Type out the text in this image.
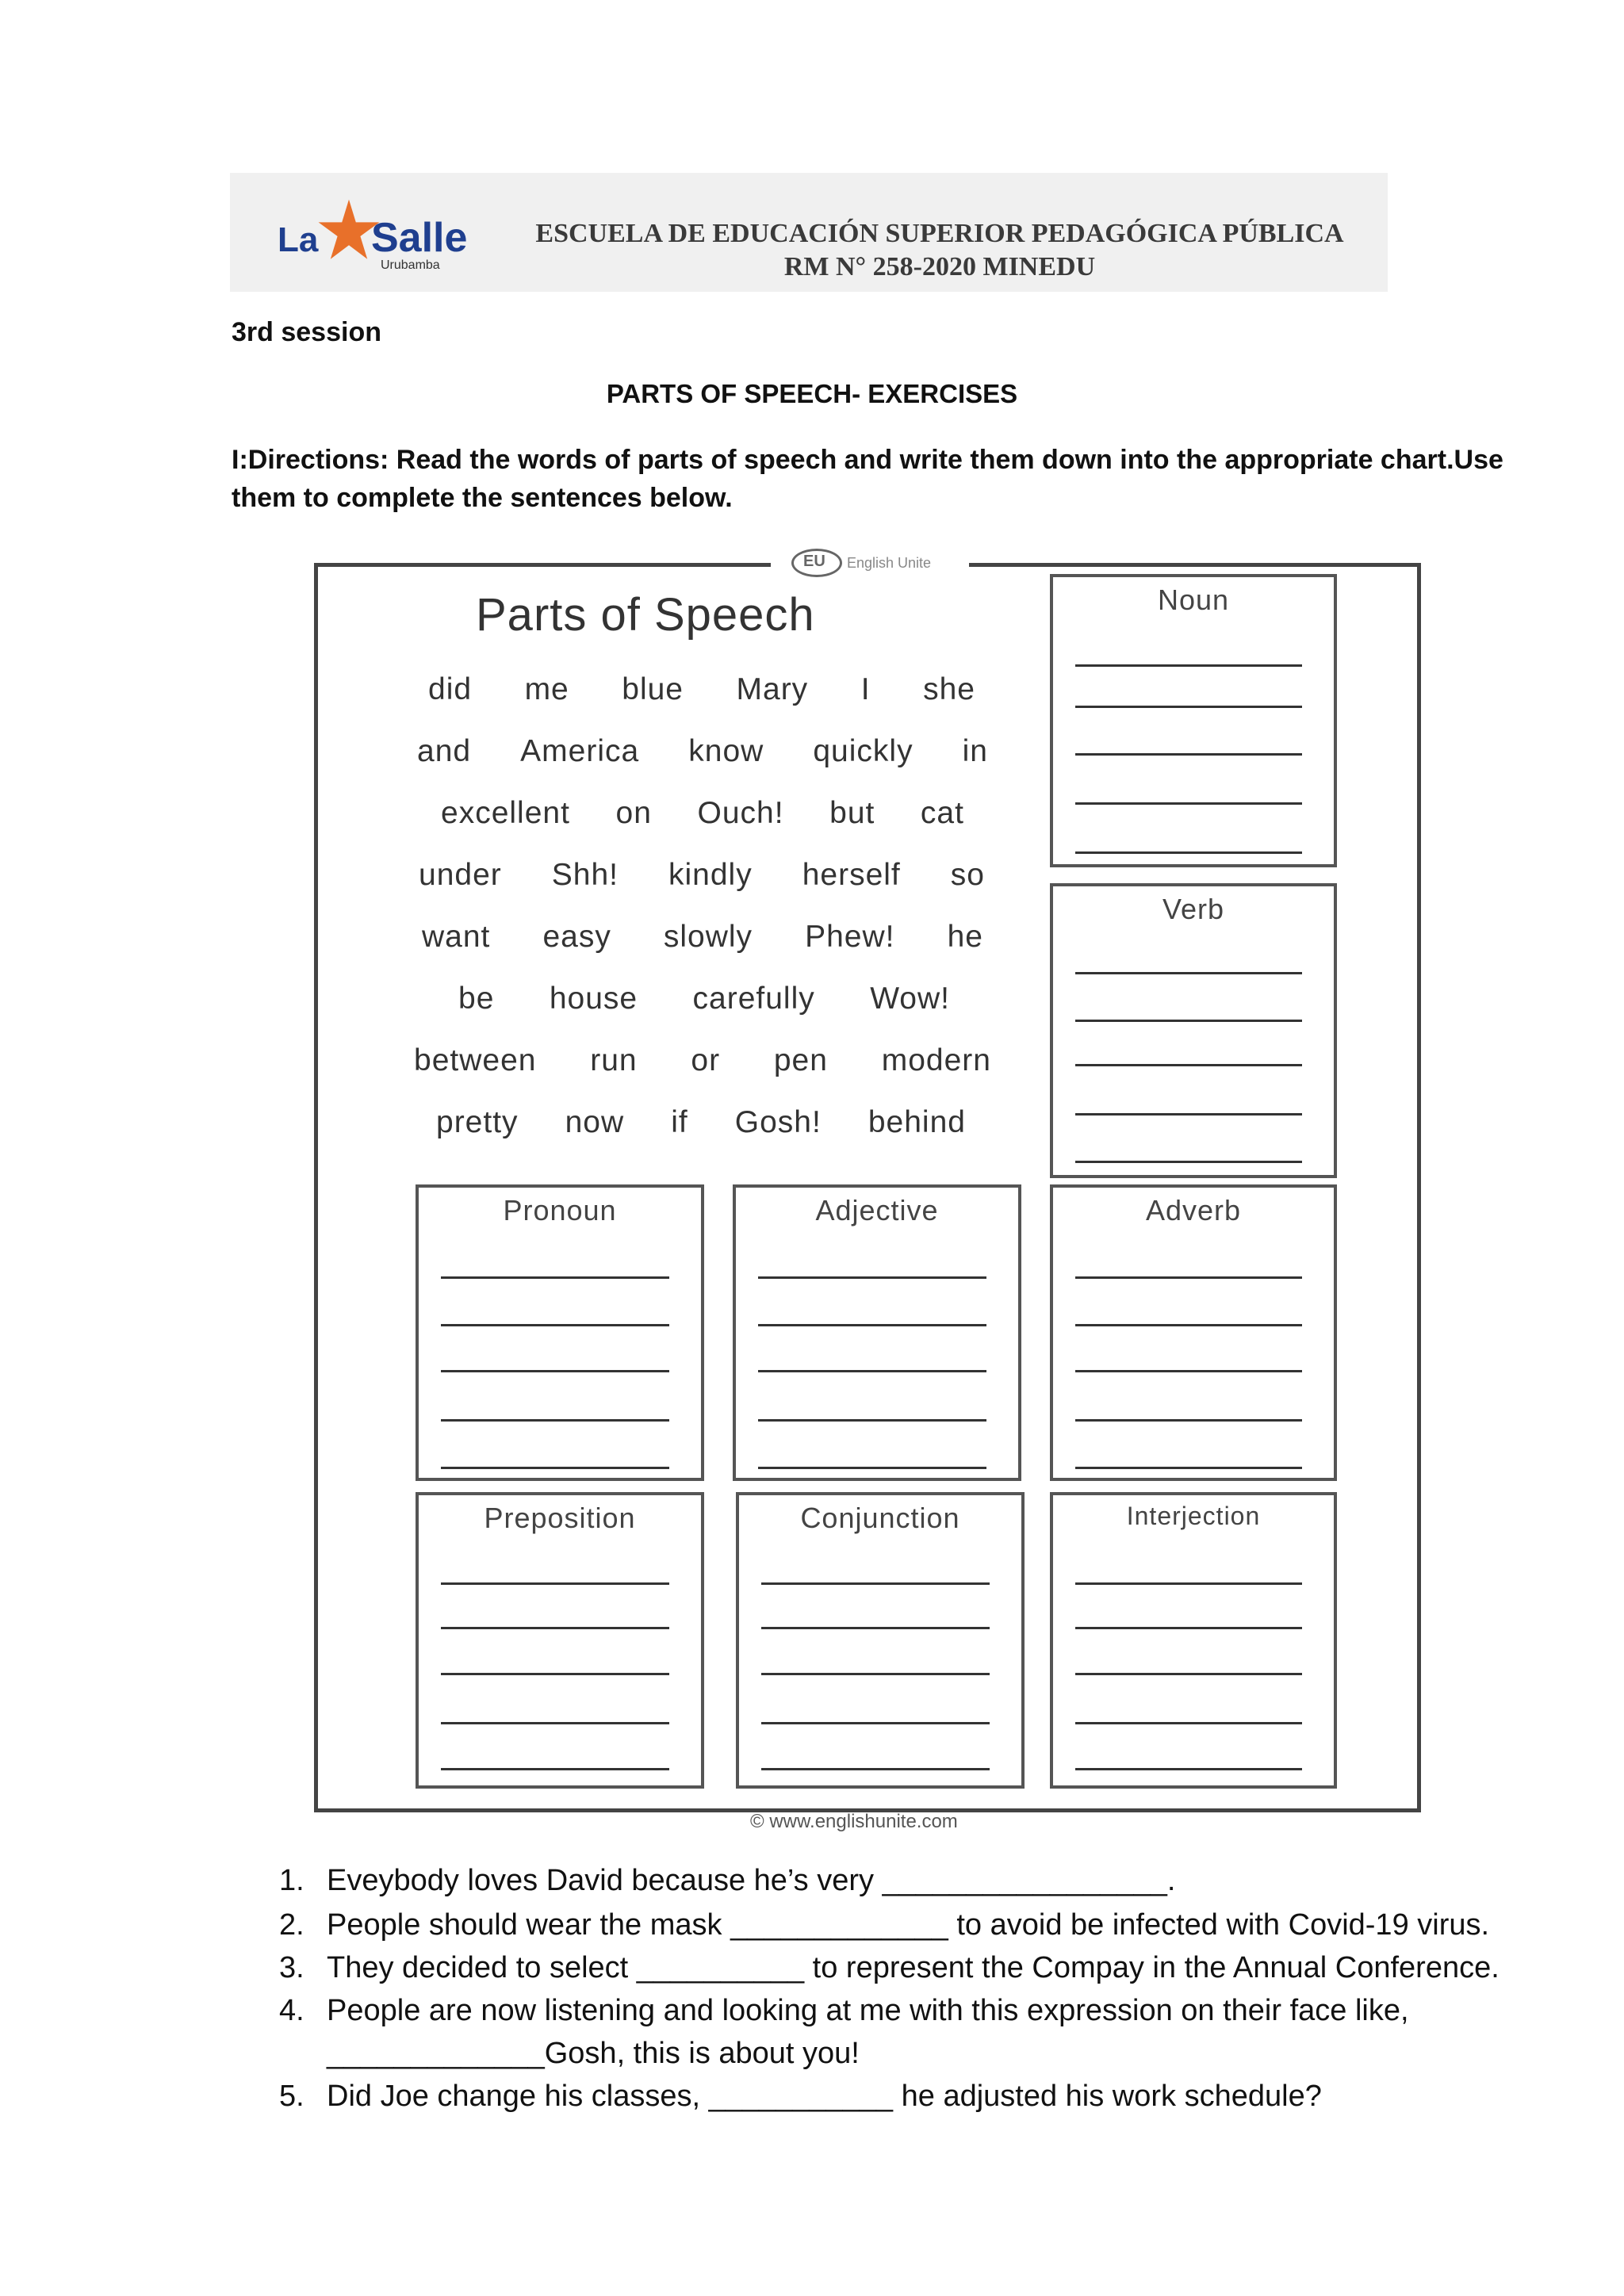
La Salle
Urubamba
ESCUELA DE EDUCACIÓN SUPERIOR PEDAGÓGICA PÚBLICA
RM N° 258-2020 MINEDU
3rd session
PARTS OF SPEECH- EXERCISES
I:Directions: Read the words of parts of speech and write them down into the appropriate chart.Use them to complete the sentences below.
EU English Unite
Parts of Speech
did me blue Mary I she
and America know quickly in
excellent on Ouch! but cat
under Shh! kindly herself so
want easy slowly Phew! he
be house carefully Wow!
between run or pen modern
pretty now if Gosh! behind
Noun
Verb
Pronoun	Adjective	Adverb
Preposition	Conjunction	Interjection
© www.englishunite.com
1. Eveybody loves David because he’s very _________________.
2. People should wear the mask _____________ to avoid be infected with Covid-19 virus.
3. They decided to select __________ to represent the Compay in the Annual Conference.
4. People are now listening and looking at me with this expression on their face like,
_____________Gosh, this is about you!
5. Did Joe change his classes, ___________ he adjusted his work schedule?
